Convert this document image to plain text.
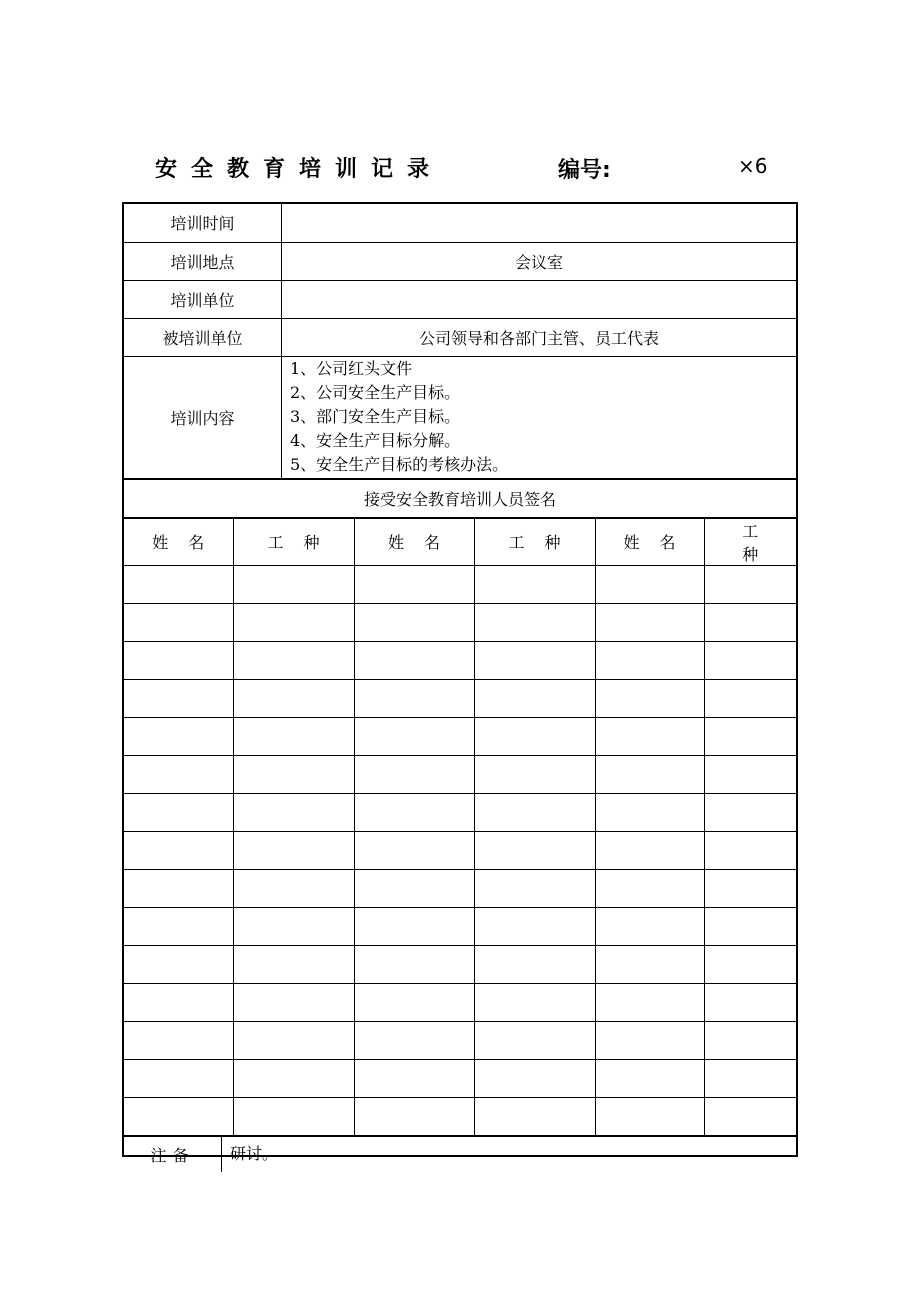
安全教育培训记录	编号:	×6
培训时间	
培训地点	会议室
培训单位	
被培训单位	公司领导和各部门主管、员工代表
培训内容	1、公司红头文件
2、公司安全生产目标。
3、部门安全生产目标。
4、安全生产目标分解。
5、安全生产目标的考核办法。
接受安全教育培训人员签名
姓名	工种	姓名	工种	姓名	工种

注备	研讨。
